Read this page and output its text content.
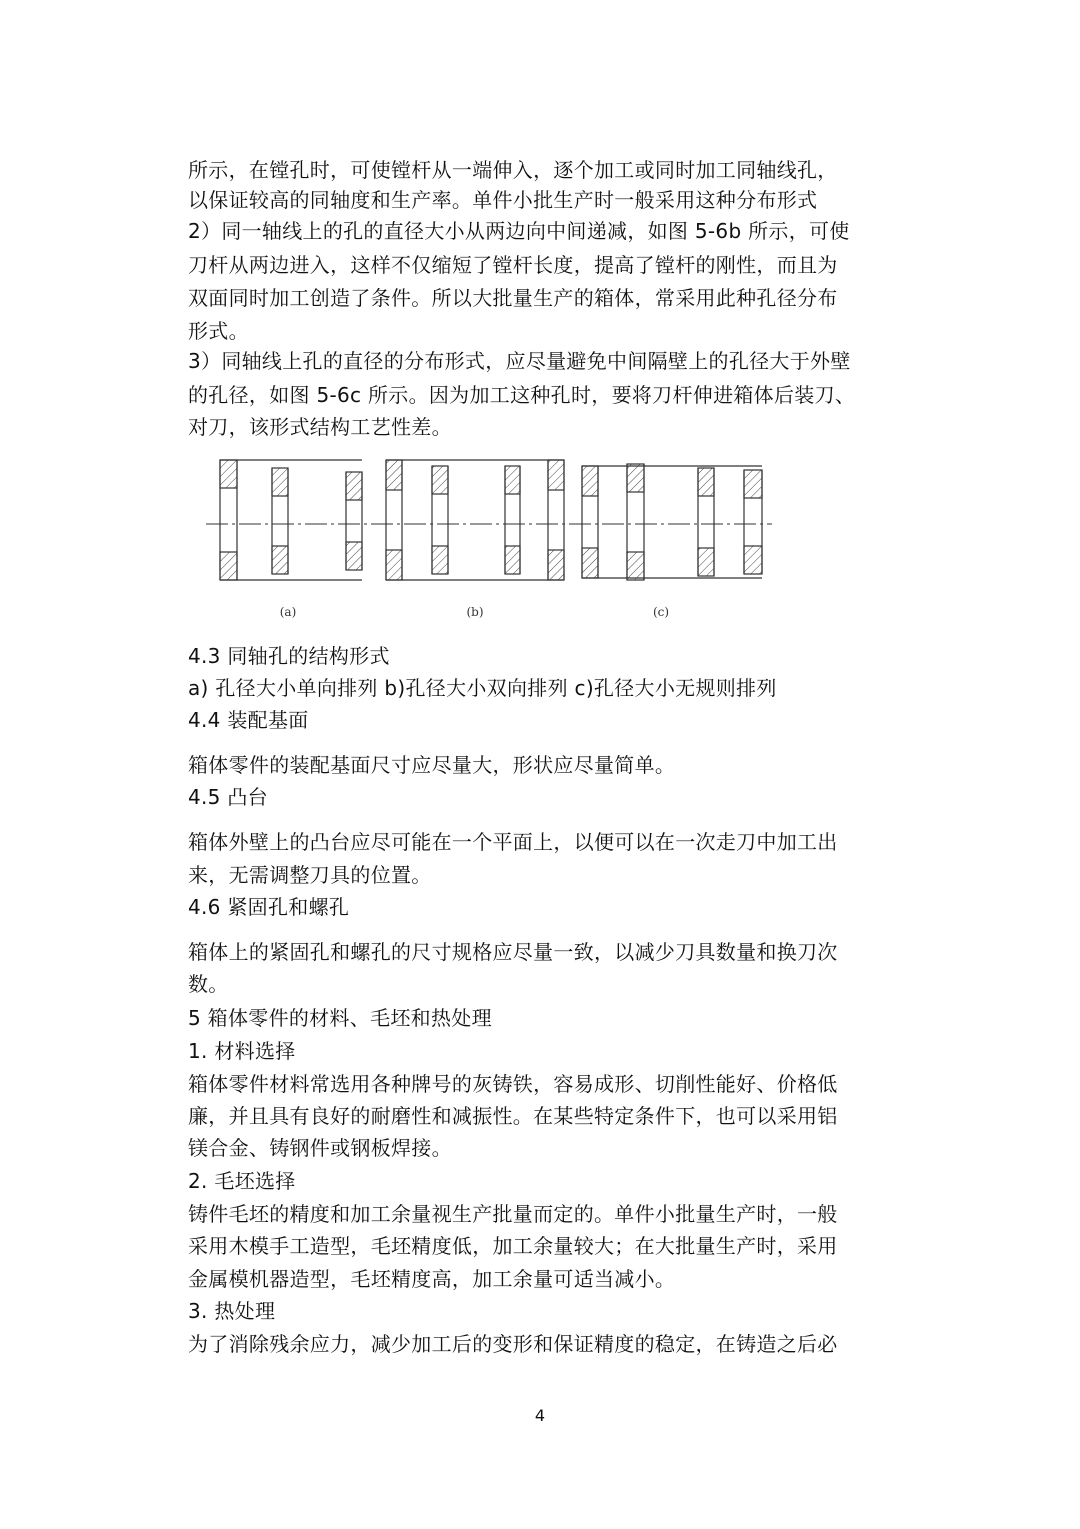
所示，在镗孔时，可使镗杆从一端伸入，逐个加工或同时加工同轴线孔，
以保证较高的同轴度和生产率。单件小批生产时一般采用这种分布形式
2）同一轴线上的孔的直径大小从两边向中间递减，如图 5-6b 所示，可使
刀杆从两边进入，这样不仅缩短了镗杆长度，提高了镗杆的刚性，而且为
双面同时加工创造了条件。所以大批量生产的箱体，常采用此种孔径分布
形式。
3）同轴线上孔的直径的分布形式，应尽量避免中间隔壁上的孔径大于外壁
的孔径，如图 5-6c 所示。因为加工这种孔时，要将刀杆伸进箱体后装刀、
对刀，该形式结构工艺性差。
(a)	(b)	(c)
4.3 同轴孔的结构形式
a) 孔径大小单向排列 b)孔径大小双向排列 c)孔径大小无规则排列
4.4 装配基面
箱体零件的装配基面尺寸应尽量大，形状应尽量简单。
4.5 凸台
箱体外壁上的凸台应尽可能在一个平面上，以便可以在一次走刀中加工出
来，无需调整刀具的位置。
4.6 紧固孔和螺孔
箱体上的紧固孔和螺孔的尺寸规格应尽量一致，以减少刀具数量和换刀次
数。
5 箱体零件的材料、毛坯和热处理
1. 材料选择
箱体零件材料常选用各种牌号的灰铸铁，容易成形、切削性能好、价格低
廉，并且具有良好的耐磨性和减振性。在某些特定条件下，也可以采用铝
镁合金、铸钢件或钢板焊接。
2. 毛坯选择
铸件毛坯的精度和加工余量视生产批量而定的。单件小批量生产时，一般
采用木模手工造型，毛坯精度低，加工余量较大；在大批量生产时，采用
金属模机器造型，毛坯精度高，加工余量可适当减小。
3. 热处理
为了消除残余应力，减少加工后的变形和保证精度的稳定，在铸造之后必
4
